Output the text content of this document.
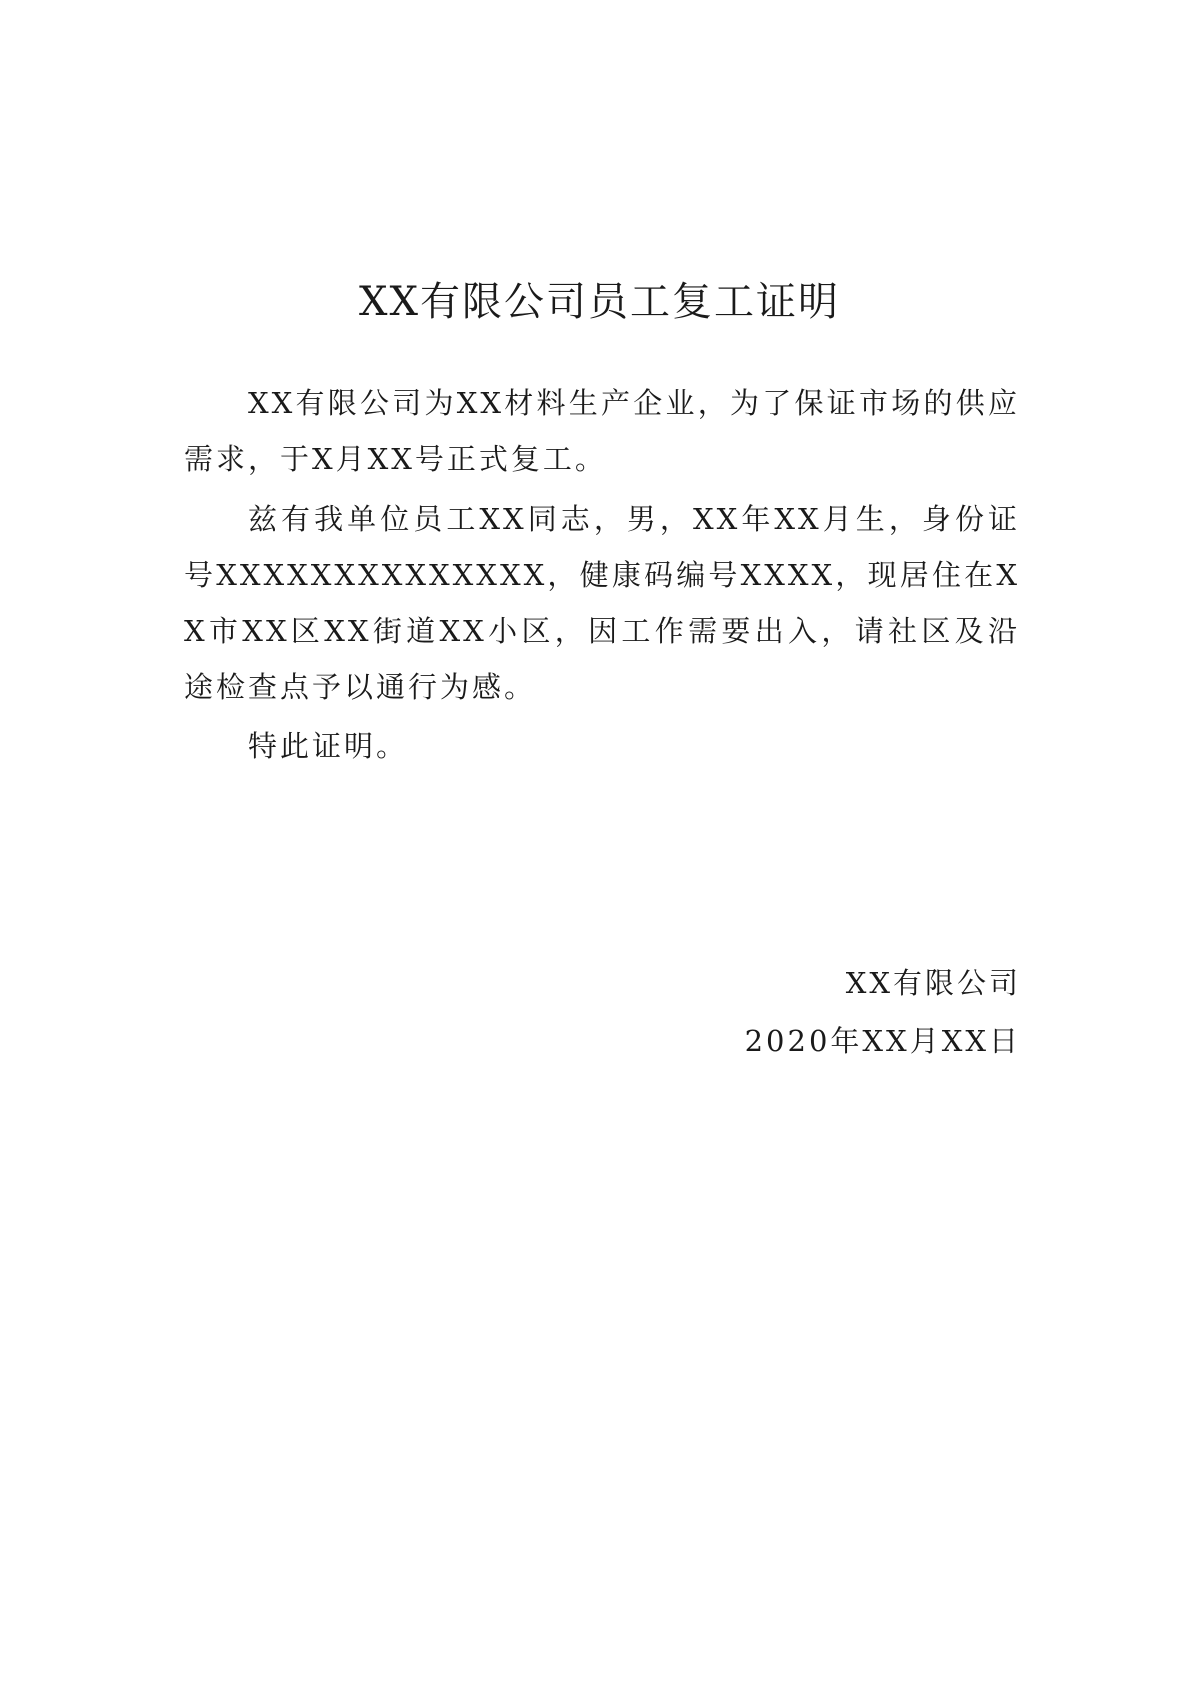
XX有限公司员工复工证明

XX有限公司为XX材料生产企业，为了保证市场的供应需求，于X月XX号正式复工。

兹有我单位员工XX同志，男，XX年XX月生，身份证号XXXXXXXXXXXXXX，健康码编号XXXX，现居住在XX市XX区XX街道XX小区，因工作需要出入，请社区及沿途检查点予以通行为感。

特此证明。

XX有限公司

2020年XX月XX日
